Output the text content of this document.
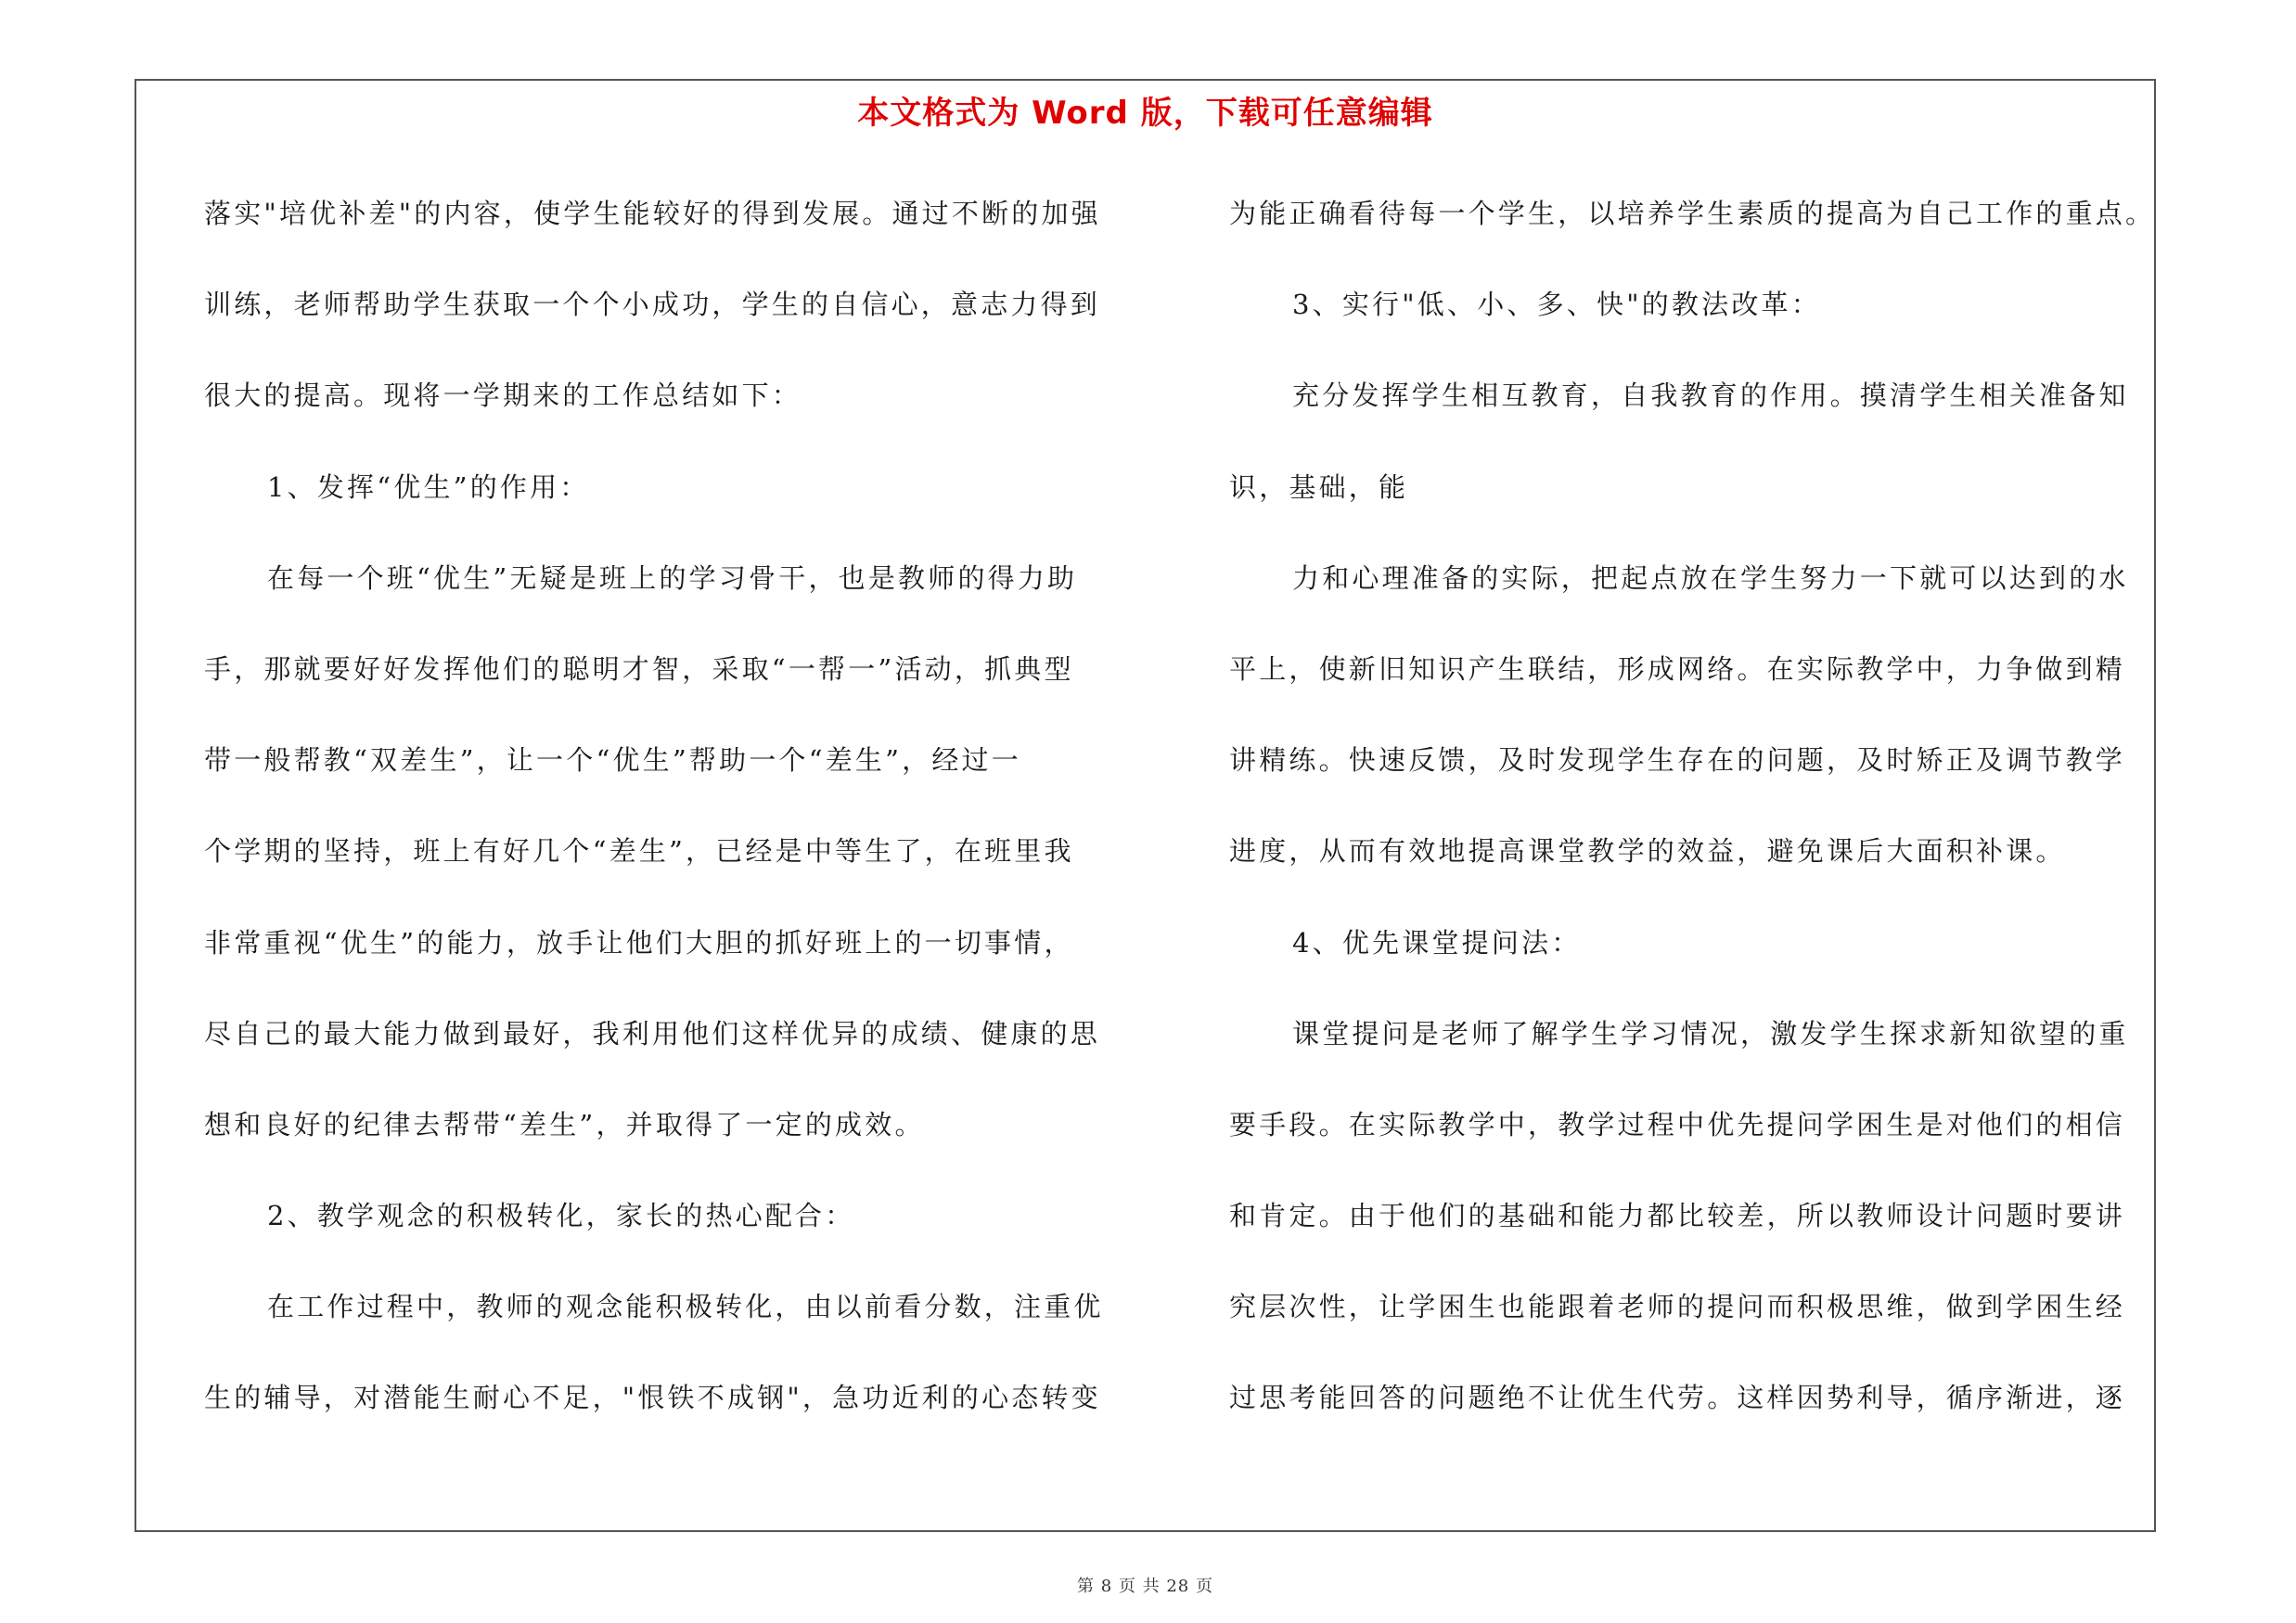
本文格式为 Word 版，下载可任意编辑
第 8 页 共 28 页
落实"培优补差"的内容，使学生能较好的得到发展。通过不断的加强
训练，老师帮助学生获取一个个小成功，学生的自信心，意志力得到
很大的提高。现将一学期来的工作总结如下：
1、发挥“优生”的作用：
在每一个班“优生”无疑是班上的学习骨干，也是教师的得力助
手，那就要好好发挥他们的聪明才智，采取“一帮一”活动，抓典型
带一般帮教“双差生”，让一个“优生”帮助一个“差生”，经过一
个学期的坚持，班上有好几个“差生”，已经是中等生了，在班里我
非常重视“优生”的能力，放手让他们大胆的抓好班上的一切事情，
尽自己的最大能力做到最好，我利用他们这样优异的成绩、健康的思
想和良好的纪律去帮带“差生”，并取得了一定的成效。
2、教学观念的积极转化，家长的热心配合：
在工作过程中，教师的观念能积极转化，由以前看分数，注重优
生的辅导，对潜能生耐心不足，"恨铁不成钢"，急功近利的心态转变
为能正确看待每一个学生，以培养学生素质的提高为自己工作的重点。
3、实行"低、小、多、快"的教法改革：
充分发挥学生相互教育，自我教育的作用。摸清学生相关准备知
识，基础，能
力和心理准备的实际，把起点放在学生努力一下就可以达到的水
平上，使新旧知识产生联结，形成网络。在实际教学中，力争做到精
讲精练。快速反馈，及时发现学生存在的问题，及时矫正及调节教学
进度，从而有效地提高课堂教学的效益，避免课后大面积补课。
4、优先课堂提问法：
课堂提问是老师了解学生学习情况，激发学生探求新知欲望的重
要手段。在实际教学中，教学过程中优先提问学困生是对他们的相信
和肯定。由于他们的基础和能力都比较差，所以教师设计问题时要讲
究层次性，让学困生也能跟着老师的提问而积极思维，做到学困生经
过思考能回答的问题绝不让优生代劳。这样因势利导，循序渐进，逐
